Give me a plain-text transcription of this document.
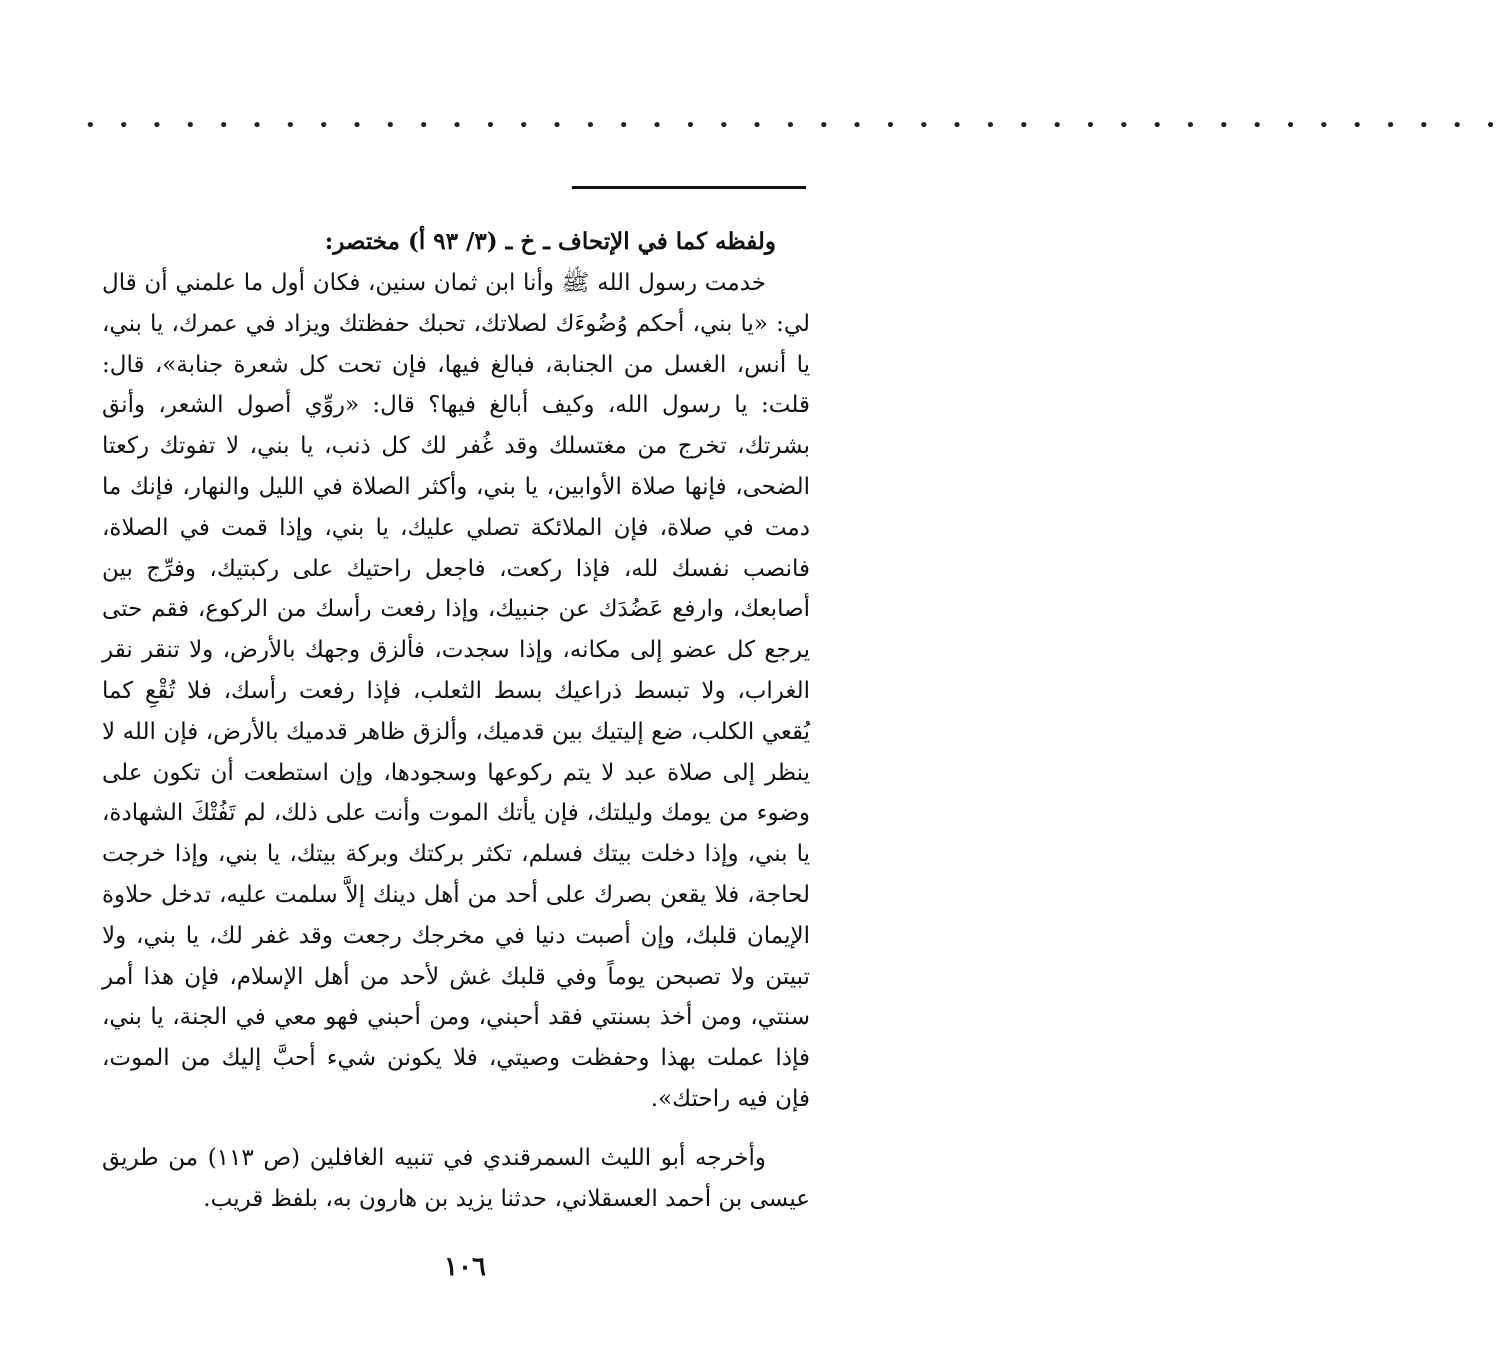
• • • • • • • • • • • • • • • • • • • • • • • • • • • • • • • • • • • • • • • • • • •

ولفظه كما في الإتحاف ـ خ ـ (٣/ ٩٣ أ) مختصر:

خدمت رسول الله ﷺ وأنا ابن ثمان سنين، فكان أول ما علمني أن قال لي: «يا بني، أحكم وُضُوءَك لصلاتك، تحبك حفظتك ويزاد في عمرك، يا بني، يا أنس، الغسل من الجنابة، فبالغ فيها، فإن تحت كل شعرة جنابة»، قال: قلت: يا رسول الله، وكيف أبالغ فيها؟ قال: «روِّي أصول الشعر، وأنق بشرتك، تخرج من مغتسلك وقد غُفر لك كل ذنب، يا بني، لا تفوتك ركعتا الضحى، فإنها صلاة الأوابين، يا بني، وأكثر الصلاة في الليل والنهار، فإنك ما دمت في صلاة، فإن الملائكة تصلي عليك، يا بني، وإذا قمت في الصلاة، فانصب نفسك لله، فإذا ركعت، فاجعل راحتيك على ركبتيك، وفرِّج بين أصابعك، وارفع عَضُدَك عن جنبيك، وإذا رفعت رأسك من الركوع، فقم حتى يرجع كل عضو إلى مكانه، وإذا سجدت، فألزق وجهك بالأرض، ولا تنقر نقر الغراب، ولا تبسط ذراعيك بسط الثعلب، فإذا رفعت رأسك، فلا تُقْعِ كما يُقعي الكلب، ضع إليتيك بين قدميك، وألزق ظاهر قدميك بالأرض، فإن الله لا ينظر إلى صلاة عبد لا يتم ركوعها وسجودها، وإن استطعت أن تكون على وضوء من يومك وليلتك، فإن يأتك الموت وأنت على ذلك، لم تَفُتْكَ الشهادة، يا بني، وإذا دخلت بيتك فسلم، تكثر بركتك وبركة بيتك، يا بني، وإذا خرجت لحاجة، فلا يقعن بصرك على أحد من أهل دينك إلاَّ سلمت عليه، تدخل حلاوة الإيمان قلبك، وإن أصبت دنيا في مخرجك رجعت وقد غفر لك، يا بني، ولا تبيتن ولا تصبحن يوماً وفي قلبك غش لأحد من أهل الإسلام، فإن هذا أمر سنتي، ومن أخذ بسنتي فقد أحبني، ومن أحبني فهو معي في الجنة، يا بني، فإذا عملت بهذا وحفظت وصيتي، فلا يكونن شيء أحبَّ إليك من الموت، فإن فيه راحتك».

وأخرجه أبو الليث السمرقندي في تنبيه الغافلين (ص ١١٣) من طريق عيسى بن أحمد العسقلاني، حدثنا يزيد بن هارون به، بلفظ قريب.

١٠٦
